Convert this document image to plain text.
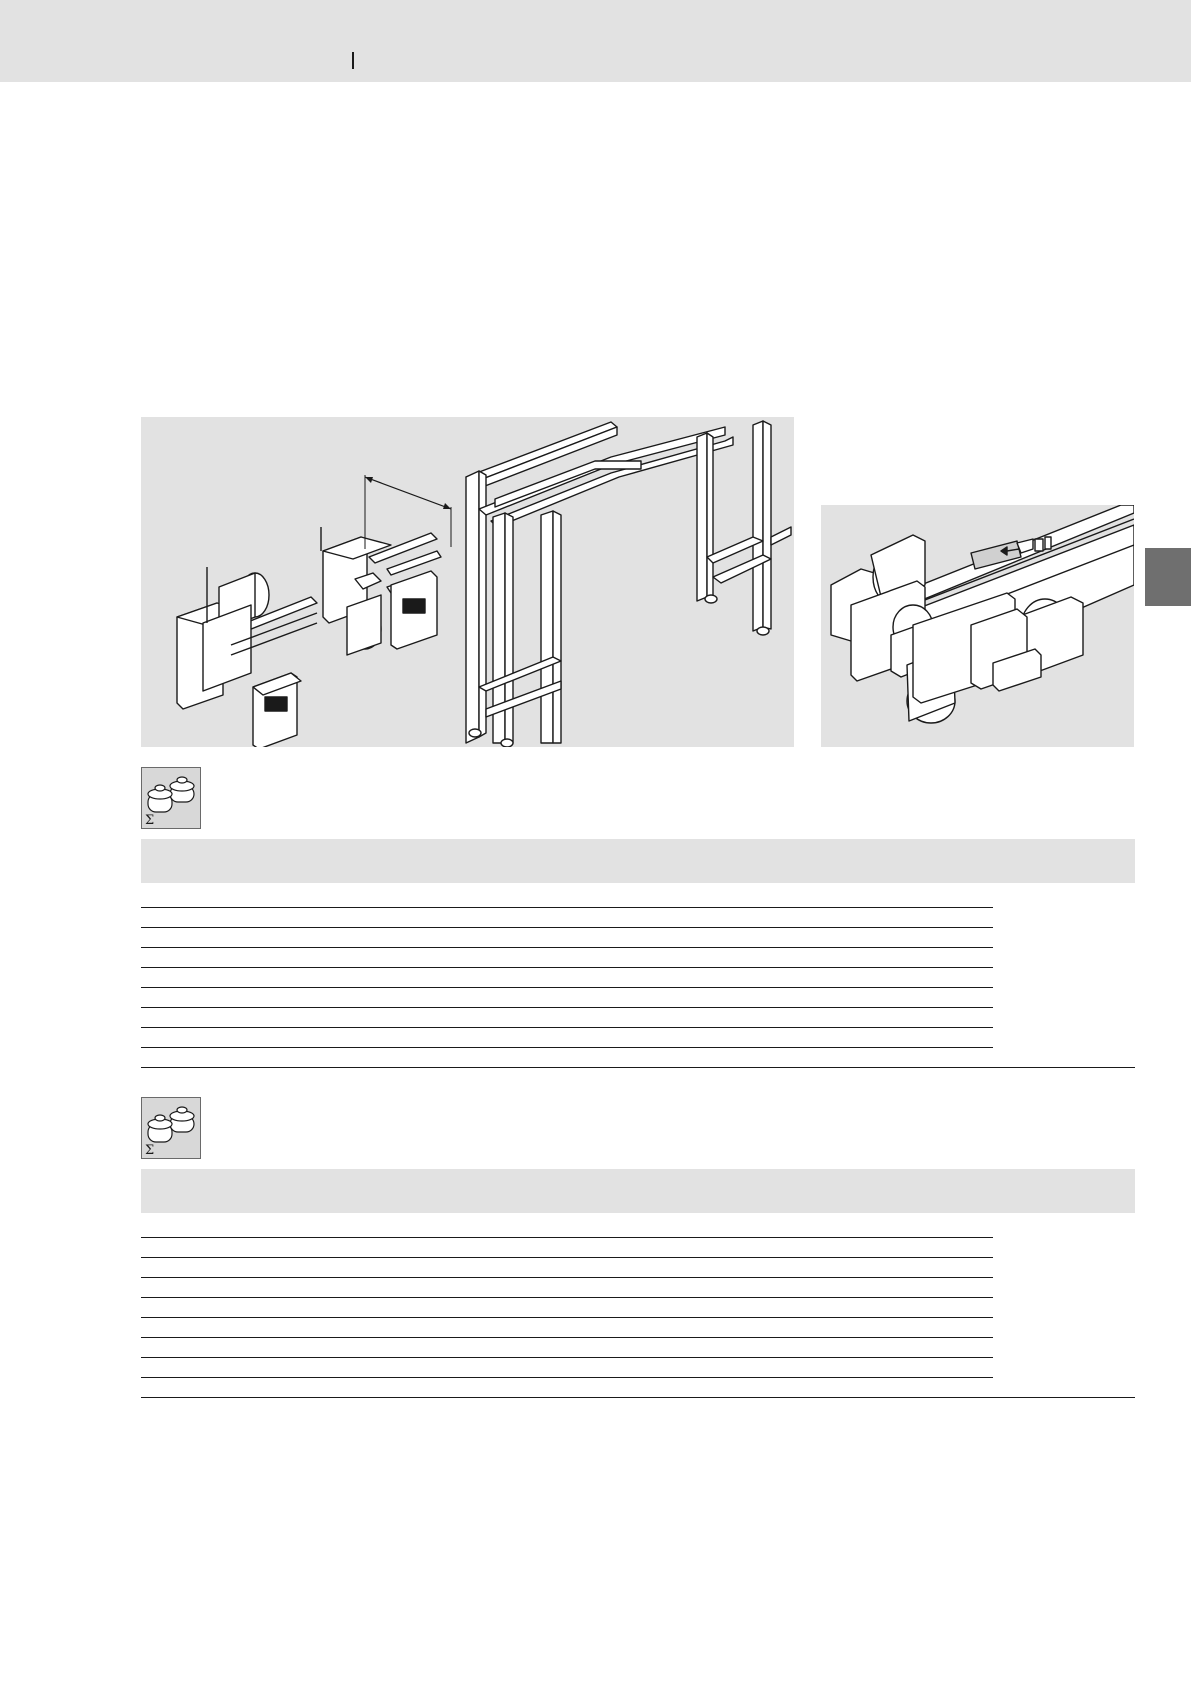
Σ
Σ
